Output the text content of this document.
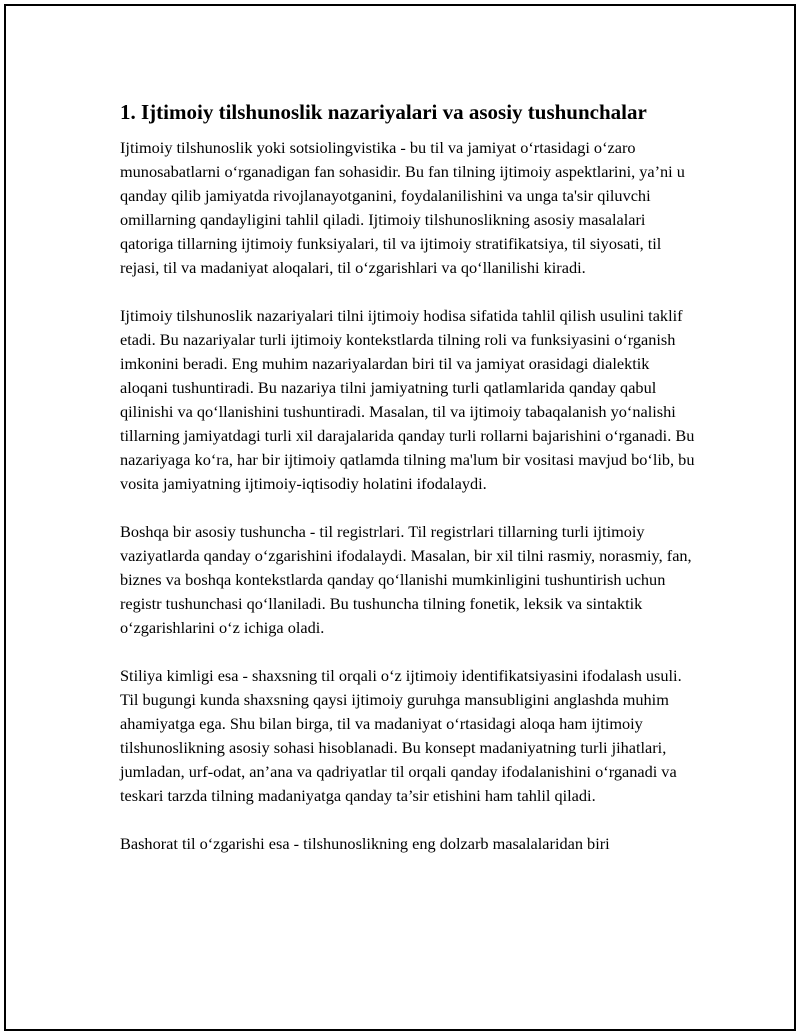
1. Ijtimoiy tilshunoslik nazariyalari va asosiy tushunchalar

Ijtimoiy tilshunoslik yoki sotsiolingvistika - bu til va jamiyat o‘rtasidagi o‘zaro munosabatlarni o‘rganadigan fan sohasidir. Bu fan tilning ijtimoiy aspektlarini, ya’ni u qanday qilib jamiyatda rivojlanayotganini, foydalanilishini va unga ta'sir qiluvchi omillarning qandayligini tahlil qiladi. Ijtimoiy tilshunoslikning asosiy masalalari qatoriga tillarning ijtimoiy funksiyalari, til va ijtimoiy stratifikatsiya, til siyosati, til rejasi, til va madaniyat aloqalari, til o‘zgarishlari va qo‘llanilishi kiradi.

Ijtimoiy tilshunoslik nazariyalari tilni ijtimoiy hodisa sifatida tahlil qilish usulini taklif etadi. Bu nazariyalar turli ijtimoiy kontekstlarda tilning roli va funksiyasini o‘rganish imkonini beradi. Eng muhim nazariyalardan biri til va jamiyat orasidagi dialektik aloqani tushuntiradi. Bu nazariya tilni jamiyatning turli qatlamlarida qanday qabul qilinishi va qo‘llanishini tushuntiradi. Masalan, til va ijtimoiy tabaqalanish yo‘nalishi tillarning jamiyatdagi turli xil darajalarida qanday turli rollarni bajarishini o‘rganadi. Bu nazariyaga ko‘ra, har bir ijtimoiy qatlamda tilning ma'lum bir vositasi mavjud bo‘lib, bu vosita jamiyatning ijtimoiy-iqtisodiy holatini ifodalaydi.

Boshqa bir asosiy tushuncha - til registrlari. Til registrlari tillarning turli ijtimoiy vaziyatlarda qanday o‘zgarishini ifodalaydi. Masalan, bir xil tilni rasmiy, norasmiy, fan, biznes va boshqa kontekstlarda qanday qo‘llanishi mumkinligini tushuntirish uchun registr tushunchasi qo‘llaniladi. Bu tushuncha tilning fonetik, leksik va sintaktik o‘zgarishlarini o‘z ichiga oladi.

Stiliya kimligi esa - shaxsning til orqali o‘z ijtimoiy identifikatsiyasini ifodalash usuli. Til bugungi kunda shaxsning qaysi ijtimoiy guruhga mansubligini anglashda muhim ahamiyatga ega. Shu bilan birga, til va madaniyat o‘rtasidagi aloqa ham ijtimoiy tilshunoslikning asosiy sohasi hisoblanadi. Bu konsept madaniyatning turli jihatlari, jumladan, urf-odat, an’ana va qadriyatlar til orqali qanday ifodalanishini o‘rganadi va teskari tarzda tilning madaniyatga qanday ta’sir etishini ham tahlil qiladi.

Bashorat til o‘zgarishi esa - tilshunoslikning eng dolzarb masalalaridan biri
